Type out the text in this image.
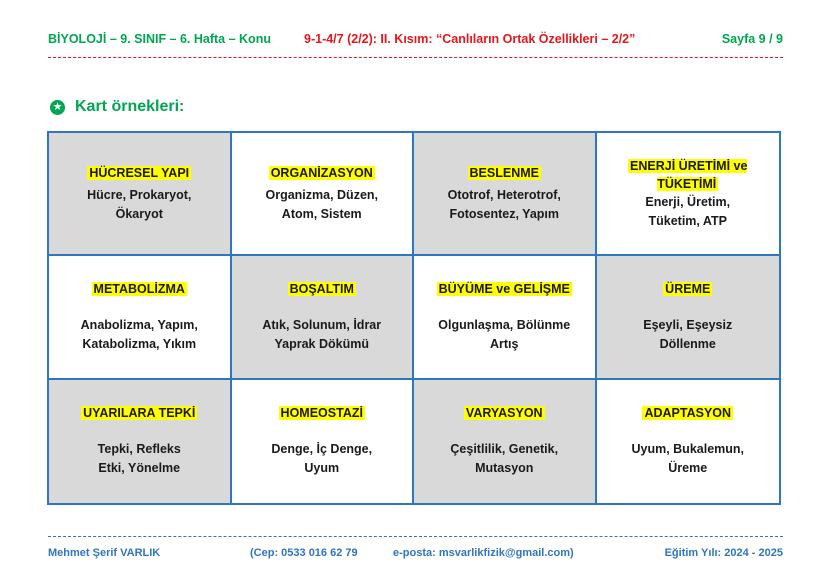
BİYOLOJİ – 9. SINIF – 6. Hafta – Konu	9-1-4/7 (2/2): II. Kısım: “Canlıların Ortak Özellikleri – 2/2”	Sayfa 9 / 9
★ Kart örnekleri:
HÜCRESEL YAPI
Hücre, Prokaryot,
Ökaryot
ORGANİZASYON
Organizma, Düzen,
Atom, Sistem
BESLENME
Ototrof, Heterotrof,
Fotosentez, Yapım
ENERJİ ÜRETİMİ ve
TÜKETİMİ
Enerji, Üretim,
Tüketim, ATP
METABOLİZMA
Anabolizma, Yapım,
Katabolizma, Yıkım
BOŞALTIM
Atık, Solunum, İdrar
Yaprak Dökümü
BÜYÜME ve GELİŞME
Olgunlaşma, Bölünme
Artış
ÜREME
Eşeyli, Eşeysiz
Döllenme
UYARILARA TEPKİ
Tepki, Refleks
Etki, Yönelme
HOMEOSTAZİ
Denge, İç Denge,
Uyum
VARYASYON
Çeşitlilik, Genetik,
Mutasyon
ADAPTASYON
Uyum, Bukalemun,
Üreme
Mehmet Şerif VARLIK	(Cep: 0533 016 62 79	e-posta: msvarlikfizik@gmail.com)	Eğitim Yılı: 2024 - 2025
